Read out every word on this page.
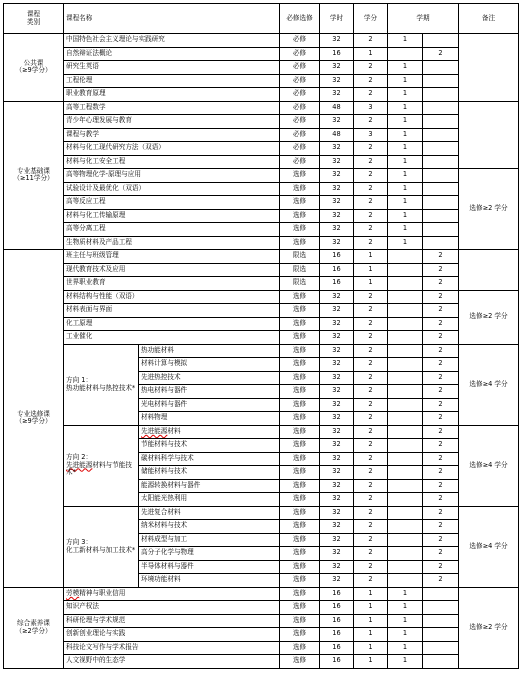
课程
类别	课程名称		必修选修	学时	学分	学期		备注
公共课
（≥9学分）	中国特色社会主义理论与实践研究		必修	32	2	1		
	自然辩证法概论		必修	16	1		2	
	研究生英语		必修	32	2	1		
	工程伦理		必修	32	2	1		
	职业教育原理		必修	32	2	1		
专业基础课
（≥11学分）	高等工程数学		必修	48	3	1		
	青少年心理发展与教育		必修	32	2	1		
	课程与教学		必修	48	3	1		
	材料与化工现代研究方法（双语）		必修	32	2	1		
	材料与化工安全工程		必修	32	2	1		
	高等物理化学-原理与应用		选修	32	2	1		选修≥2 学分
	试验设计及最优化（双语）		选修	32	2	1		
	高等反应工程		选修	32	2	1		
	材料与化工传输原理		选修	32	2	1		
	高等分离工程		选修	32	2	1		
	生物质材料及产品工程		选修	32	2	1		
专业选修课
（≥9学分）	班主任与班级管理		限选	16	1		2	
	现代教育技术及应用		限选	16	1		2	
	世界职业教育		限选	16	1		2	
	材料结构与性能（双语）		选修	32	2		2	选修≥2 学分
	材料表面与界面		选修	32	2		2	
	化工原理		选修	32	2		2	
	工业催化		选修	32	2		2	
	方向 1：
热功能材料与热控技术*	热功能材料	选修	32	2		2	选修≥4 学分
		材料计算与模拟	选修	32	2		2	
		先进热控技术	选修	32	2		2	
		热电材料与器件	选修	32	2		2	
		光电材料与器件	选修	32	2		2	
		材料物理	选修	32	2		2	
	方向 2：
先进能源材料与节能技术*	先进能源材料	选修	32	2		2	选修≥4 学分
		节能材料与技术	选修	32	2		2	
		碳材料科学与技术	选修	32	2		2	
		储能材料与技术	选修	32	2		2	
		能源转换材料与器件	选修	32	2		2	
		太阳能光热利用	选修	32	2		2	
	方向 3：
化工新材料与加工技术*	先进复合材料	选修	32	2		2	选修≥4 学分
		纳米材料与技术	选修	32	2		2	
		材料成型与加工	选修	32	2		2	
		高分子化学与物理	选修	32	2		2	
		半导体材料与器件	选修	32	2		2	
		环境功能材料	选修	32	2		2	
综合素养课
（≥2学分）	劳模精神与职业信用		选修	16	1	1		选修≥2 学分
	知识产权法		选修	16	1	1		
	科研伦理与学术规范		选修	16	1	1		
	创新创业理论与实践		选修	16	1	1		
	科技论文写作与学术报告		选修	16	1	1		
	人文视野中的生态学		选修	16	1	1		
